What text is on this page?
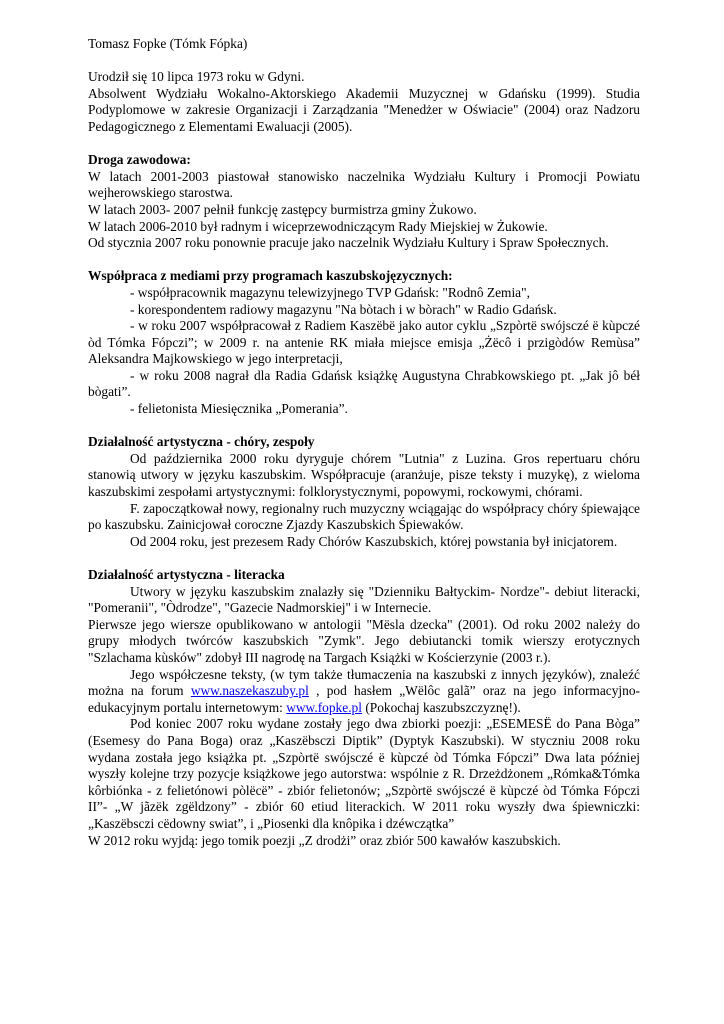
Tomasz Fopke (Tómk Fópka)

Urodził się 10 lipca 1973 roku w Gdyni.

Absolwent Wydziału Wokalno-Aktorskiego Akademii Muzycznej w Gdańsku (1999). Studia Podyplomowe w zakresie Organizacji i Zarządzania "Menedżer w Oświacie" (2004) oraz Nadzoru Pedagogicznego z Elementami Ewaluacji (2005).

Droga zawodowa:

W latach 2001-2003 piastował stanowisko naczelnika Wydziału Kultury i Promocji Powiatu wejherowskiego starostwa.

W latach 2003- 2007 pełnił funkcję zastępcy burmistrza gminy Żukowo.

W latach 2006-2010 był radnym i wiceprzewodniczącym Rady Miejskiej w Żukowie.

Od stycznia 2007 roku ponownie pracuje jako naczelnik Wydziału Kultury i Spraw Społecznych.

Współpraca z mediami przy programach kaszubskojęzycznych:

- współpracownik magazynu telewizyjnego TVP Gdańsk: "Rodnô Zemia",

- korespondentem radiowy magazynu "Na bòtach i w bòrach" w Radio Gdańsk.

- w roku 2007 współpracował z Radiem Kaszëbë jako autor cyklu „Szpòrtë swójsczé ë kùpczé òd Tómka Fópczi”; w 2009 r. na antenie RK miała miejsce emisja „Żëcô i przigòdów Remùsa” Aleksandra Majkowskiego w jego interpretacji,

- w roku 2008 nagrał dla Radia Gdańsk książkę Augustyna Chrabkowskiego pt. „Jak jô béł bògati”.

- felietonista Miesięcznika „Pomerania”.

Działalność artystyczna - chóry, zespoły

Od października 2000 roku dyryguje chórem "Lutnia" z Luzina. Gros repertuaru chóru stanowią utwory w języku kaszubskim. Współpracuje (aranżuje, pisze teksty i muzykę), z wieloma kaszubskimi zespołami artystycznymi: folklorystycznymi, popowymi, rockowymi, chórami.

F. zapoczątkował nowy, regionalny ruch muzyczny wciągając do współpracy chóry śpiewające po kaszubsku. Zainicjował coroczne Zjazdy Kaszubskich Śpiewaków.

Od 2004 roku, jest prezesem Rady Chórów Kaszubskich, której powstania był inicjatorem.

Działalność artystyczna - literacka

Utwory w języku kaszubskim znalazły się "Dzienniku Bałtyckim- Nordze"- debiut literacki, "Pomeranii", "Òdrodze", "Gazecie Nadmorskiej" i w Internecie.

Pierwsze jego wiersze opublikowano w antologii "Mësla dzecka" (2001). Od roku 2002 należy do grupy młodych twórców kaszubskich "Zymk". Jego debiutancki tomik wierszy erotycznych "Szlachama kùsków" zdobył III nagrodę na Targach Książki w Kościerzynie (2003 r.).

Jego współczesne teksty, (w tym także tłumaczenia na kaszubski z innych języków), znaleźć można na forum www.naszekaszuby.pl , pod hasłem „Wëlôc galã” oraz na jego informacyjno-edukacyjnym portalu internetowym: www.fopke.pl (Pokochaj kaszubszczyznę!).

Pod koniec 2007 roku wydane zostały jego dwa zbiorki poezji: „ESEMESË do Pana Bòga” (Esemesy do Pana Boga) oraz „Kaszëbsczi Diptik” (Dyptyk Kaszubski). W styczniu 2008 roku wydana została jego książka pt. „Szpòrtë swójsczé ë kùpczé òd Tómka Fópczi” Dwa lata później wyszły kolejne trzy pozycje książkowe jego autorstwa: wspólnie z R. Drzeżdżonem „Rómka&Tómka kôrbiónka - z felietónowi pòlëcë” - zbiór felietonów; „Szpòrtë swójsczé ë kùpczé òd Tómka Fópczi II”- „W jãzëk zgëldzony” - zbiór 60 etiud literackich. W 2011 roku wyszły dwa śpiewniczki: „Kaszëbsczi cëdowny swiat”, i „Piosenki dla knôpika i dzéwczątka”

W 2012 roku wyjdą: jego tomik poezji „Z drodżi” oraz zbiór 500 kawałów kaszubskich.
